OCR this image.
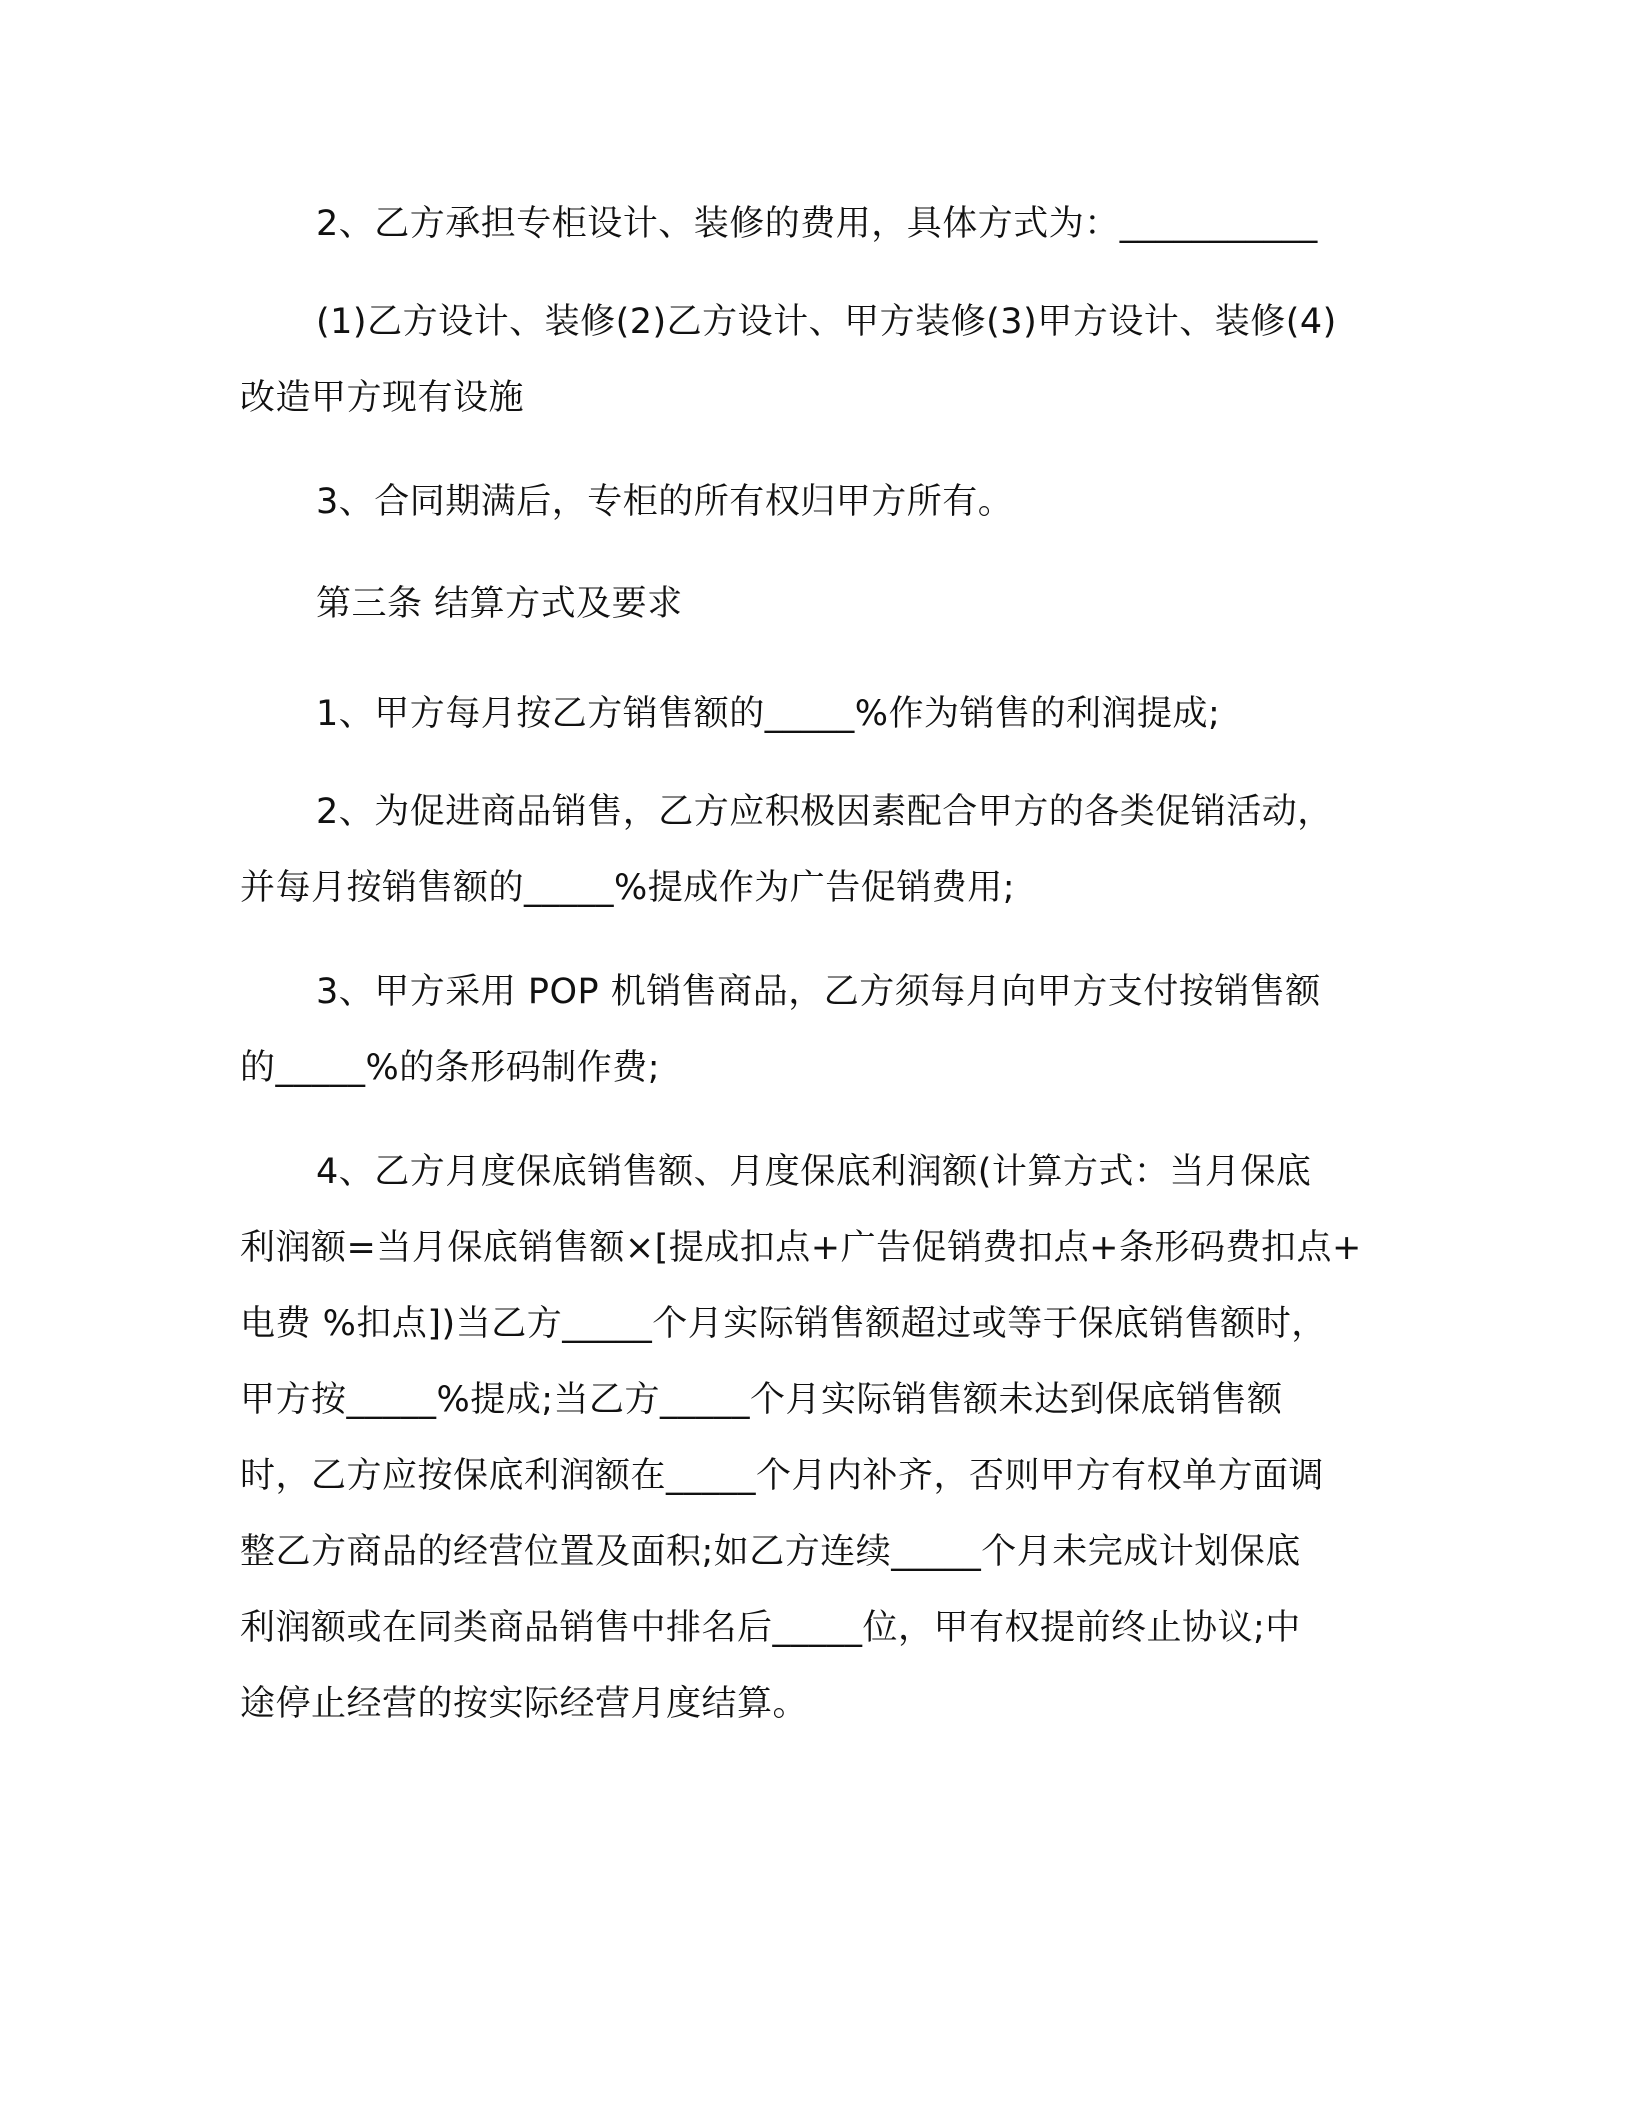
2、乙方承担专柜设计、装修的费用，具体方式为：___________
(1)乙方设计、装修(2)乙方设计、甲方装修(3)甲方设计、装修(4)
改造甲方现有设施
3、合同期满后，专柜的所有权归甲方所有。
第三条 结算方式及要求
1、甲方每月按乙方销售额的_____%作为销售的利润提成;
2、为促进商品销售，乙方应积极因素配合甲方的各类促销活动，
并每月按销售额的_____%提成作为广告促销费用;
3、甲方采用 POP 机销售商品，乙方须每月向甲方支付按销售额
的_____%的条形码制作费;
4、乙方月度保底销售额、月度保底利润额(计算方式：当月保底
利润额=当月保底销售额×[提成扣点+广告促销费扣点+条形码费扣点+
电费 %扣点])当乙方_____个月实际销售额超过或等于保底销售额时，
甲方按_____%提成;当乙方_____个月实际销售额未达到保底销售额
时，乙方应按保底利润额在_____个月内补齐，否则甲方有权单方面调
整乙方商品的经营位置及面积;如乙方连续_____个月未完成计划保底
利润额或在同类商品销售中排名后_____位，甲有权提前终止协议;中
途停止经营的按实际经营月度结算。
